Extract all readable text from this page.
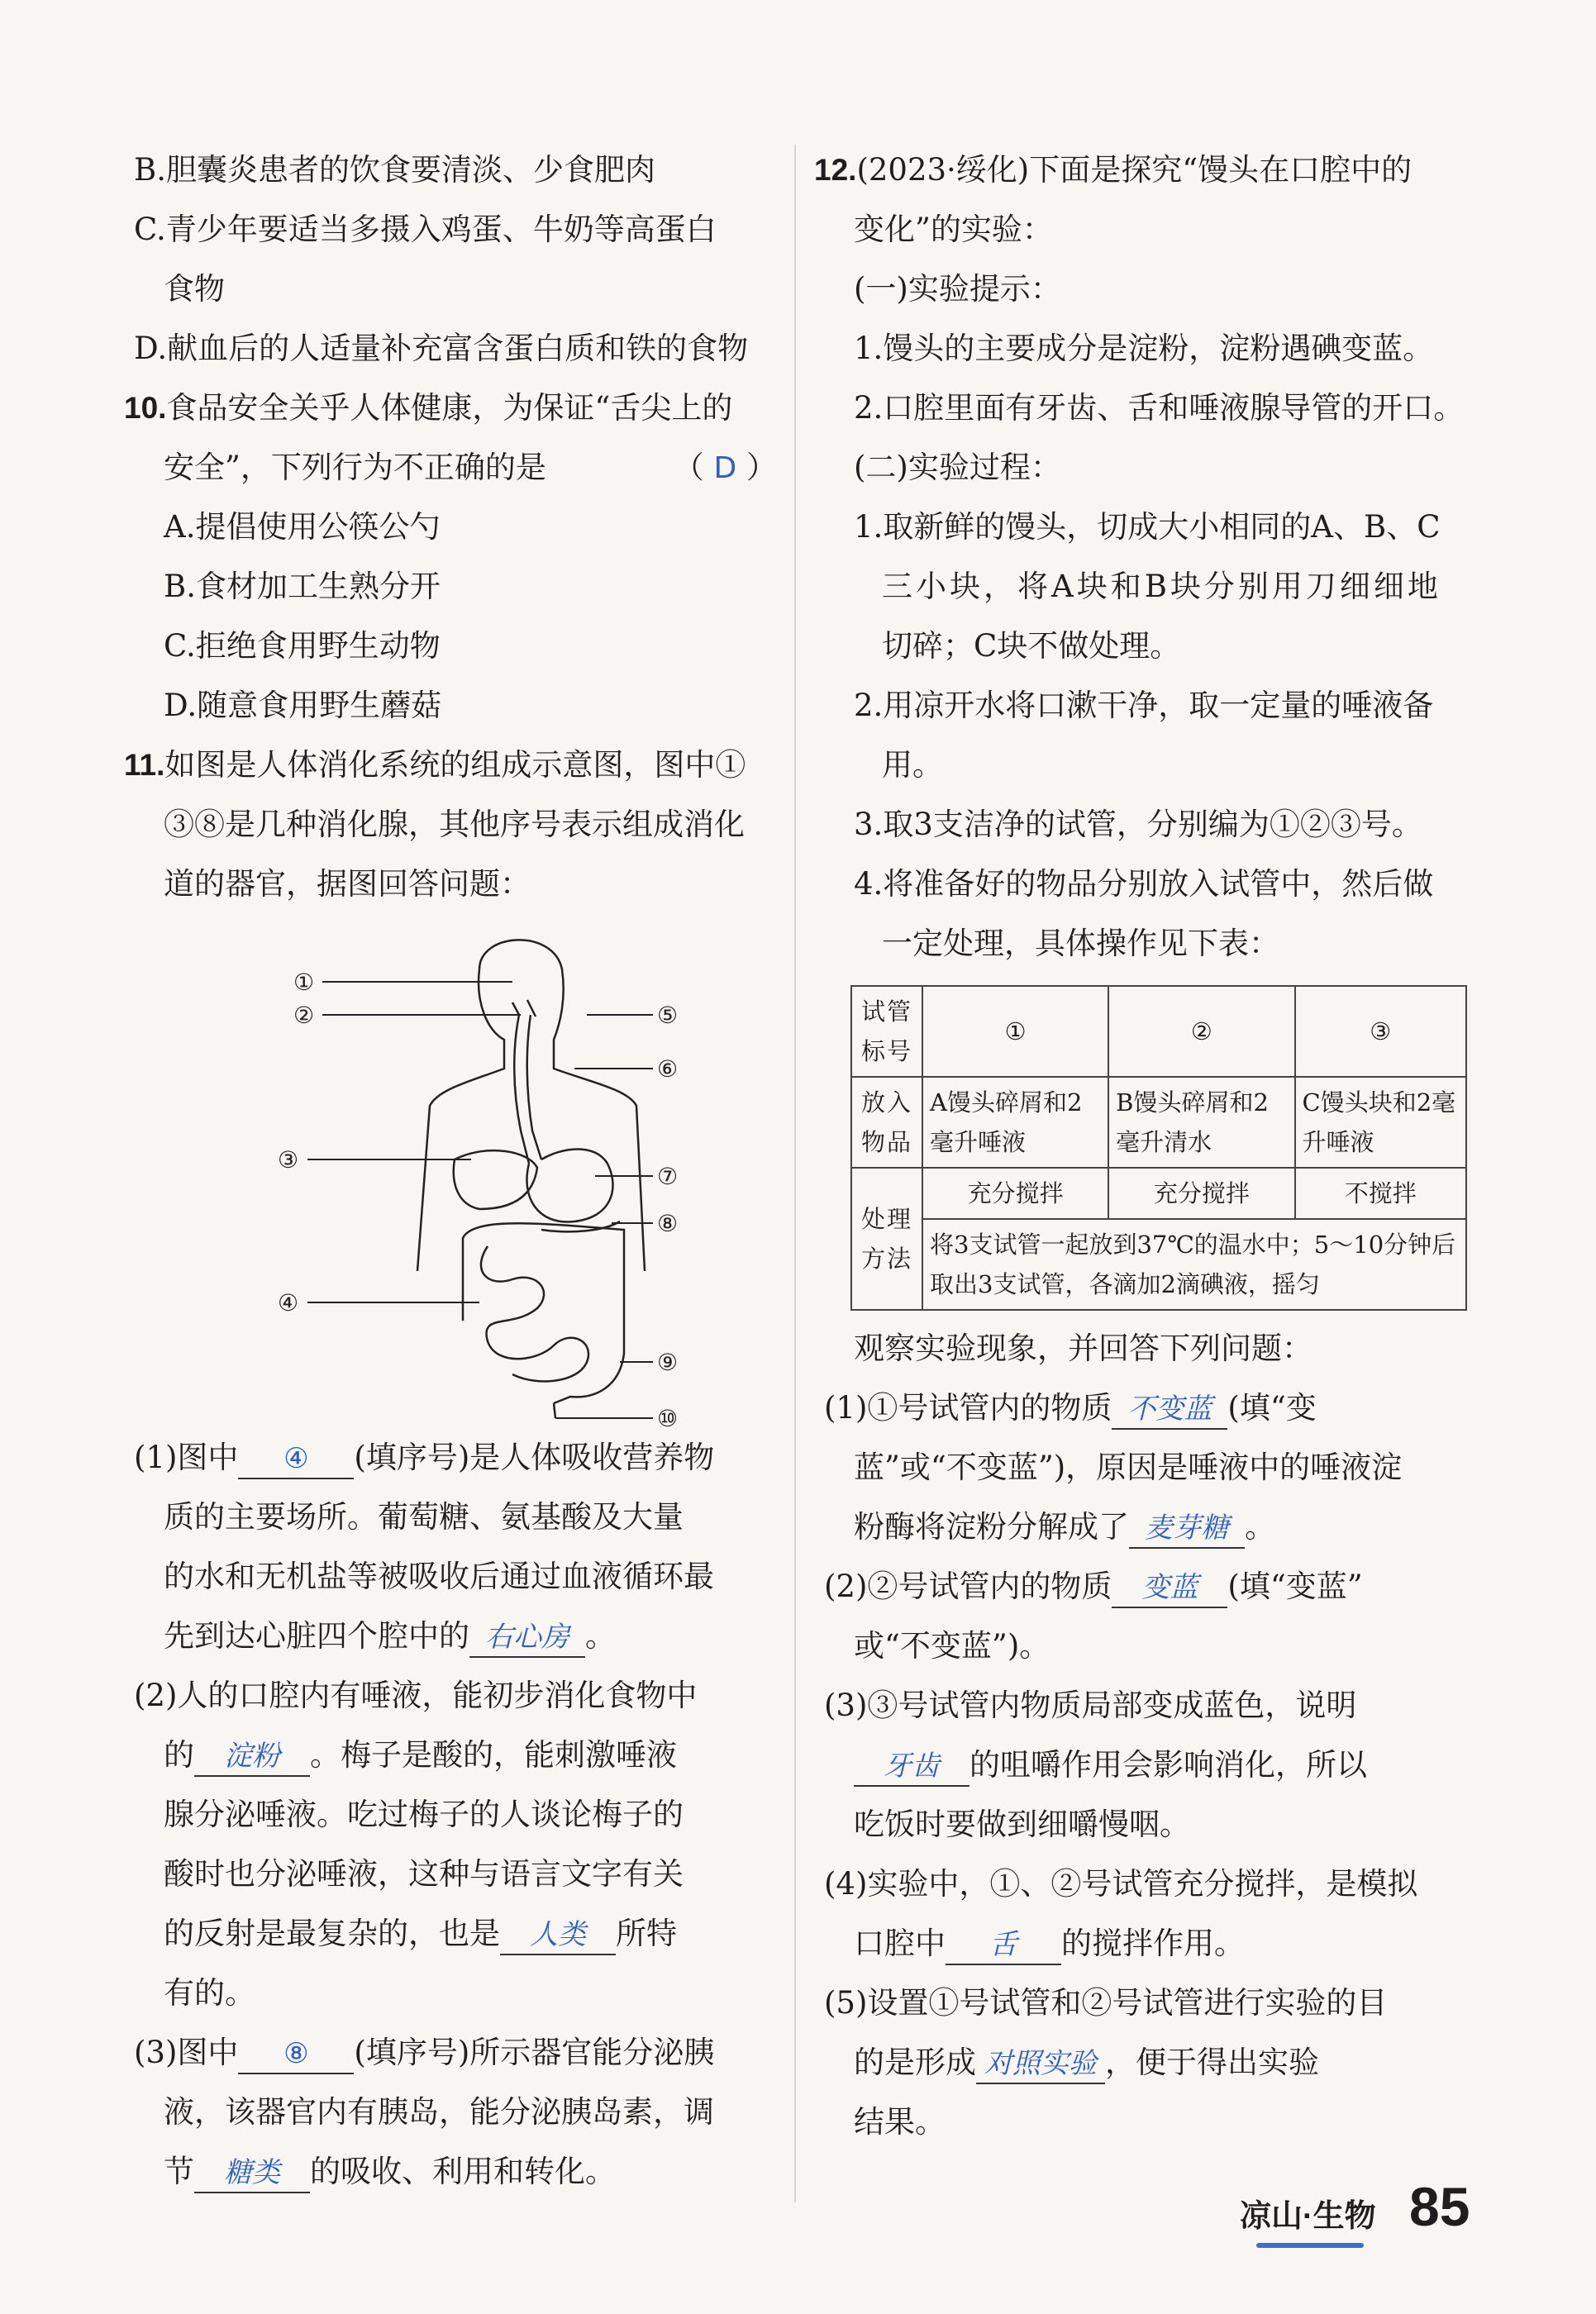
B.胆囊炎患者的饮食要清淡、少食肥肉
C.青少年要适当多摄入鸡蛋、牛奶等高蛋白
食物
D.献血后的人适量补充富含蛋白质和铁的食物
10.食品安全关乎人体健康，为保证“舌尖上的
安全”，下列行为不正确的是	（ D ）
A.提倡使用公筷公勺
B.食材加工生熟分开
C.拒绝食用野生动物
D.随意食用野生蘑菇
11.如图是人体消化系统的组成示意图，图中①
③⑧是几种消化腺，其他序号表示组成消化
道的器官，据图回答问题：
①
②
③
④
⑤
⑥
⑦
⑧
⑨
⑩
(1)图中 ④ (填序号)是人体吸收营养物
质的主要场所。葡萄糖、氨基酸及大量
的水和无机盐等被吸收后通过血液循环最
先到达心脏四个腔中的 右心房 。
(2)人的口腔内有唾液，能初步消化食物中
的 淀粉 。梅子是酸的，能刺激唾液
腺分泌唾液。吃过梅子的人谈论梅子的
酸时也分泌唾液，这种与语言文字有关
的反射是最复杂的，也是 人类 所特
有的。
(3)图中 ⑧ (填序号)所示器官能分泌胰
液，该器官内有胰岛，能分泌胰岛素，调
节 糖类 的吸收、利用和转化。
12.(2023·绥化)下面是探究“馒头在口腔中的
变化”的实验：
(一)实验提示：
1.馒头的主要成分是淀粉，淀粉遇碘变蓝。
2.口腔里面有牙齿、舌和唾液腺导管的开口。
(二)实验过程：
1.取新鲜的馒头，切成大小相同的A、B、C
三小块，将A块和B块分别用刀细细地
切碎；C块不做处理。
2.用凉开水将口漱干净，取一定量的唾液备
用。
3.取3支洁净的试管，分别编为①②③号。
4.将准备好的物品分别放入试管中，然后做
一定处理，具体操作见下表：
试管标号	①	②	③
放入物品	A馒头碎屑和2毫升唾液	B馒头碎屑和2毫升清水	C馒头块和2毫升唾液
处理方法	充分搅拌	充分搅拌	不搅拌
	将3支试管一起放到37℃的温水中；5～10分钟后取出3支试管，各滴加2滴碘液，摇匀		
观察实验现象，并回答下列问题：
(1)①号试管内的物质 不变蓝 (填“变
蓝”或“不变蓝”)，原因是唾液中的唾液淀
粉酶将淀粉分解成了 麦芽糖 。
(2)②号试管内的物质 变蓝 (填“变蓝”
或“不变蓝”)。
(3)③号试管内物质局部变成蓝色，说明
牙齿 的咀嚼作用会影响消化，所以
吃饭时要做到细嚼慢咽。
(4)实验中，①、②号试管充分搅拌，是模拟
口腔中 舌 的搅拌作用。
(5)设置①号试管和②号试管进行实验的目
的是形成 对照实验 ，便于得出实验
结果。
凉山·生物 85
